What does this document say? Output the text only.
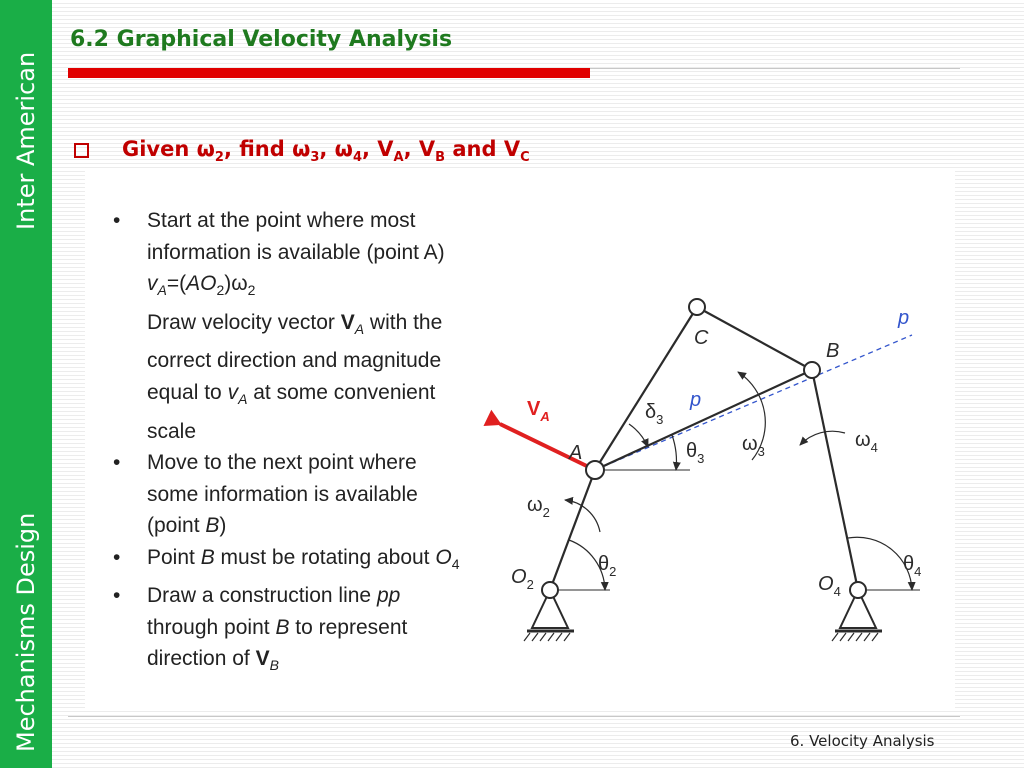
Inter American
Mechanisms Design
6.2 Graphical Velocity Analysis
Given $\omega_2$, find $\omega_3$, $\omega_4$, $V_A$, $V_B$ and $V_C$
• Start at the point where most
information is available (point A)
$v_A=(AO_2)\omega_2$
Draw velocity vector $V_A$ with the
correct direction and magnitude
equal to $v_A$ at some convenient
scale
• Move to the next point where
some information is available
(point B)
• Point B must be rotating about $O_4$
• Draw a construction line pp
through point B to represent
direction of $V_B$
C
B
A
p
p
$V_A$	$\delta_3$
$\theta_3$
$\omega_3$
$\omega_4$
$\omega_2$
$\theta_2$	$\theta_4$
$O_2$	$O_4$
6. Velocity Analysis
